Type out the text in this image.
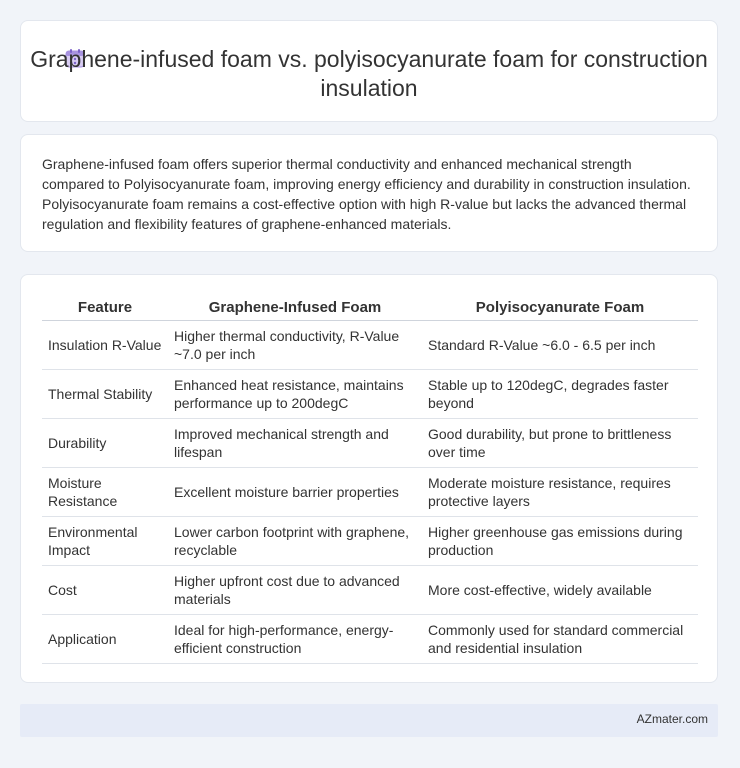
Graphene-infused foam vs. polyisocyanurate foam for construction insulation

Graphene-infused foam offers superior thermal conductivity and enhanced mechanical strength compared to Polyisocyanurate foam, improving energy efficiency and durability in construction insulation. Polyisocyanurate foam remains a cost-effective option with high R-value but lacks the advanced thermal regulation and flexibility features of graphene-enhanced materials.

Feature	Graphene-Infused Foam	Polyisocyanurate Foam
Insulation R-Value	Higher thermal conductivity, R-Value ~7.0 per inch	Standard R-Value ~6.0 - 6.5 per inch
Thermal Stability	Enhanced heat resistance, maintains performance up to 200degC	Stable up to 120degC, degrades faster beyond
Durability	Improved mechanical strength and lifespan	Good durability, but prone to brittleness over time
Moisture Resistance	Excellent moisture barrier properties	Moderate moisture resistance, requires protective layers
Environmental Impact	Lower carbon footprint with graphene, recyclable	Higher greenhouse gas emissions during production
Cost	Higher upfront cost due to advanced materials	More cost-effective, widely available
Application	Ideal for high-performance, energy-efficient construction	Commonly used for standard commercial and residential insulation
AZmater.com
